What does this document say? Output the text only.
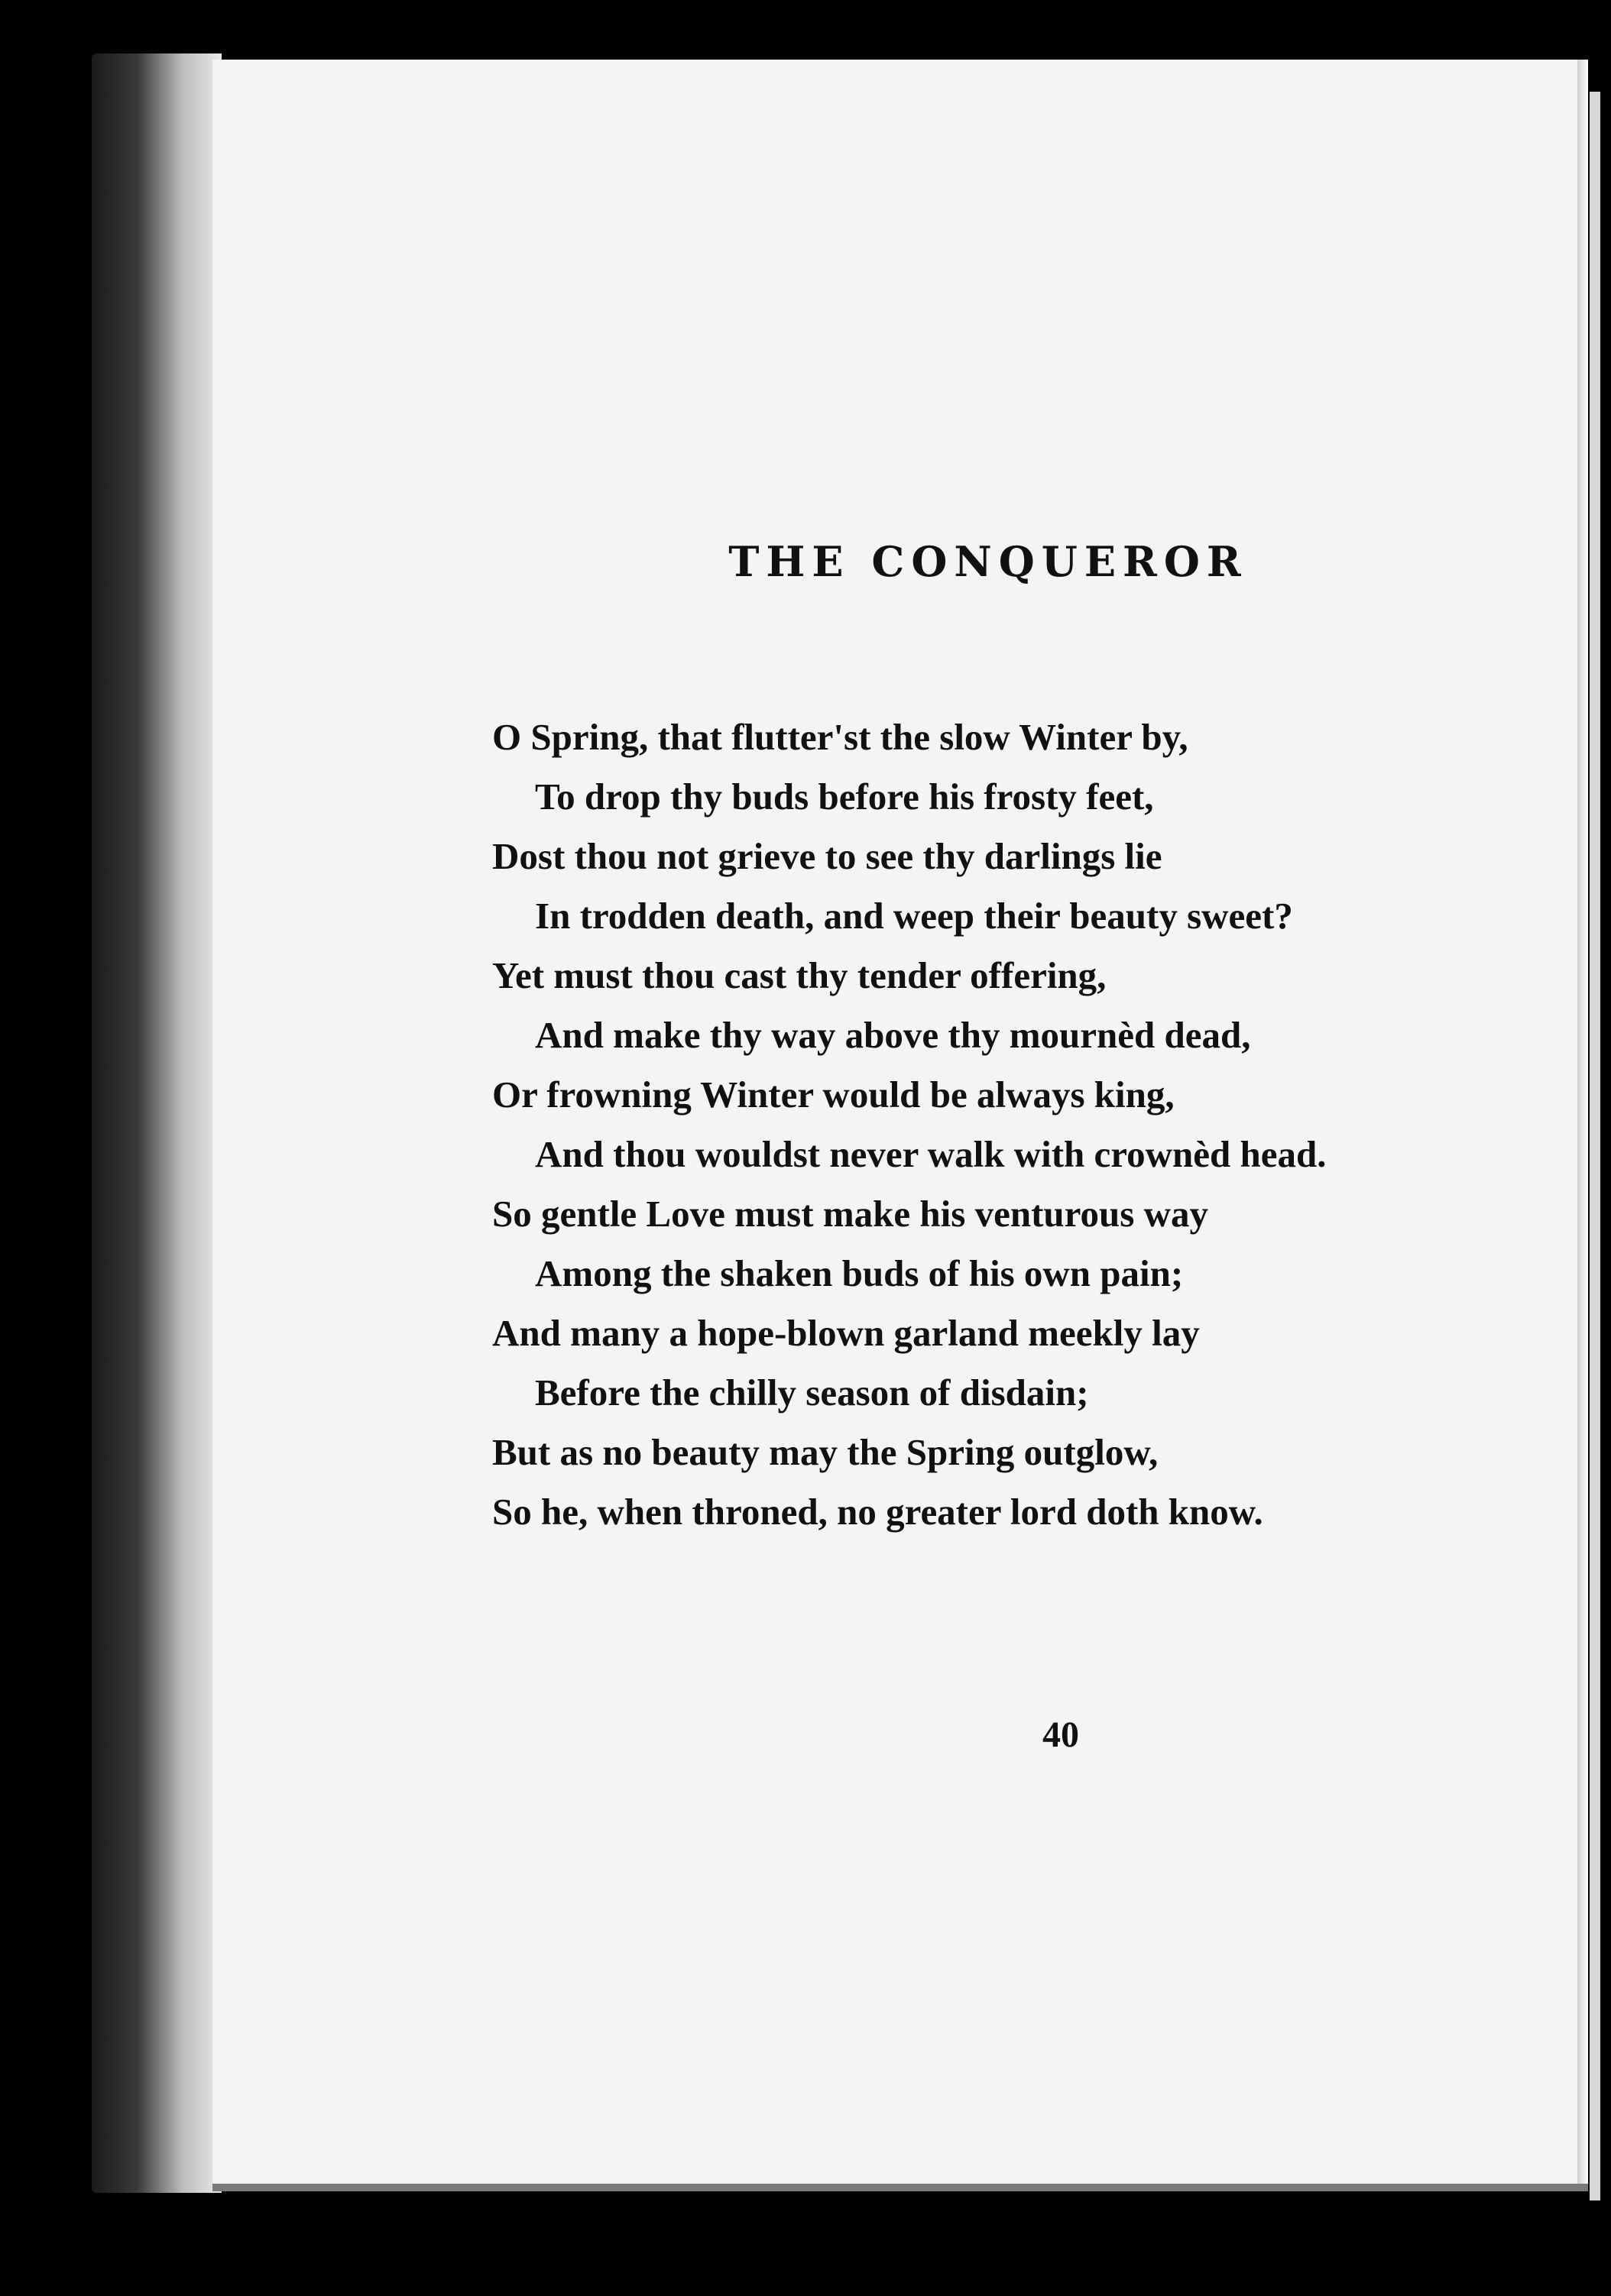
THE CONQUEROR
O Spring, that flutter'st the slow Winter by,
To drop thy buds before his frosty feet,
Dost thou not grieve to see thy darlings lie
In trodden death, and weep their beauty sweet?
Yet must thou cast thy tender offering,
And make thy way above thy mournèd dead,
Or frowning Winter would be always king,
And thou wouldst never walk with crownèd head.
So gentle Love must make his venturous way
Among the shaken buds of his own pain;
And many a hope-blown garland meekly lay
Before the chilly season of disdain;
But as no beauty may the Spring outglow,
So he, when throned, no greater lord doth know.
40
